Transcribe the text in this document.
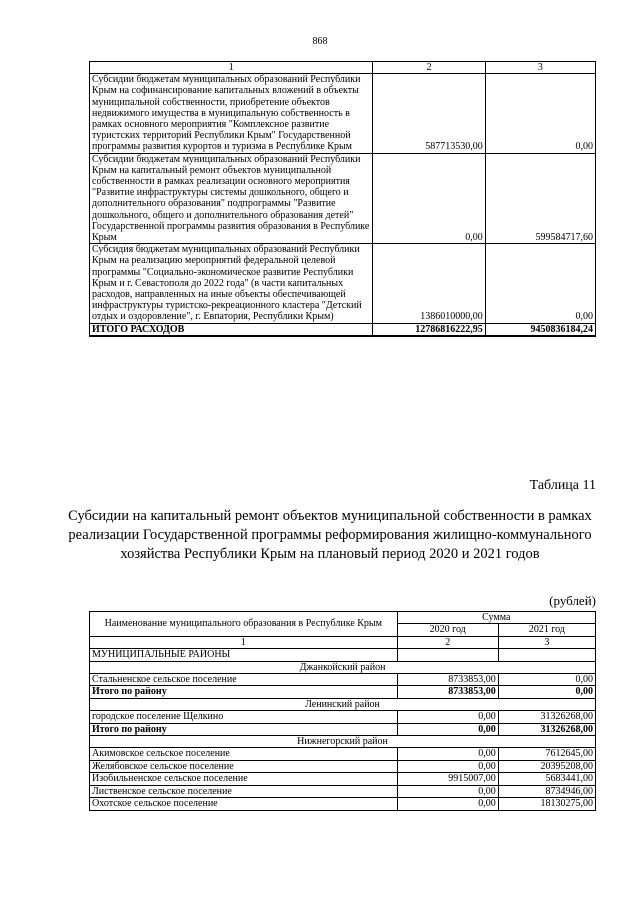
868
1	2	3
Субсидии бюджетам муниципальных образований Республики Крым на софинансирование капитальных вложений в объекты муниципальной собственности, приобретение объектов недвижимого имущества в муниципальную собственность в рамках основного мероприятия "Комплексное развитие туристских территорий Республики Крым" Государственной программы развития курортов и туризма в Республике Крым	587713530,00	0,00
Субсидии бюджетам муниципальных образований Республики Крым на капитальный ремонт объектов муниципальной собственности в рамках реализации основного мероприятия "Развитие инфраструктуры системы дошкольного, общего и дополнительного образования" подпрограммы "Развитие дошкольного, общего и дополнительного образования детей" Государственной программы развития образования в Республике Крым	0,00	599584717,60
Субсидия бюджетам муниципальных образований Республики Крым на реализацию мероприятий федеральной целевой программы "Социально-экономическое развитие Республики Крым и г. Севастополя до 2022 года" (в части капитальных расходов, направленных на иные объекты обеспечивающей инфраструктуры туристско-рекреационного кластера "Детский отдых и оздоровление", г. Евпатория, Республики Крым)	1386010000,00	0,00
ИТОГО РАСХОДОВ	12786816222,95	9450836184,24
Таблица 11
Субсидии на капитальный ремонт объектов муниципальной собственности в рамках реализации Государственной программы реформирования жилищно-коммунального хозяйства Республики Крым на плановый период 2020 и 2021 годов
(рублей)
Наименование муниципального образования в Республике Крым	Сумма	
	2020 год	2021 год
1	2	3
МУНИЦИПАЛЬНЫЕ РАЙОНЫ		
Джанкойский район		
Стальненское сельское поселение	8733853,00	0,00
Итого по району	8733853,00	0,00
Ленинский район		
городское поселение Щелкино	0,00	31326268,00
Итого по району	0,00	31326268,00
Нижнегорский район		
Акимовское сельское поселение	0,00	7612645,00
Желябовское сельское поселение	0,00	20395208,00
Изобильненское сельское поселение	9915007,00	5683441,00
Лиственское сельское поселение	0,00	8734946,00
Охотское сельское поселение	0,00	18130275,00
